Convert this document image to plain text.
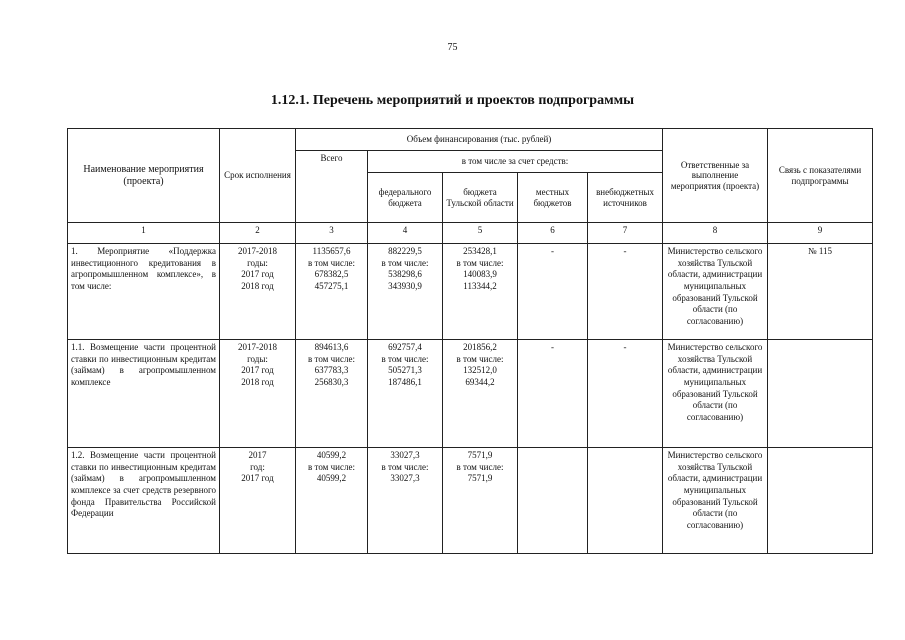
75
1.12.1. Перечень мероприятий и проектов подпрограммы
Наименование мероприятия (проекта)	Срок исполнения	Объем финансирования (тыс. рублей)					Ответственные за выполнение мероприятия (проекта)	Связь с показателями подпрограммы
		Всего	в том числе за счет средств:					
			федерального бюджета	бюджета Тульской области	местных бюджетов	внебюджетных источников		
1	2	3	4	5	6	7	8	9
1. Мероприятие «Поддержка инвестиционного кредитования в агропромышленном комплексе», в том числе:	2017-2018
годы:
2017 год
2018 год	1135657,6
в том числе:
678382,5
457275,1	882229,5
в том числе:
538298,6
343930,9	253428,1
в том числе:
140083,9
113344,2	-	-	Министерство сельского хозяйства Тульской области, администрации муниципальных образований Тульской области (по согласованию)	№ 115
1.1. Возмещение части процентной ставки по инвестиционным кредитам (займам) в агропромышленном комплексе	2017-2018
годы:
2017 год
2018 год	894613,6
в том числе:
637783,3
256830,3	692757,4
в том числе:
505271,3
187486,1	201856,2
в том числе:
132512,0
69344,2	-	-	Министерство сельского хозяйства Тульской области, администрации муниципальных образований Тульской области (по согласованию)	
1.2. Возмещение части процентной ставки по инвестиционным кредитам (займам) в агропромышленном комплексе за счет средств резервного фонда Правительства Российской Федерации	2017
год:
2017 год	40599,2
в том числе:
40599,2	33027,3
в том числе:
33027,3	7571,9
в том числе:
7571,9			Министерство сельского хозяйства Тульской области, администрации муниципальных образований Тульской области (по согласованию)	
